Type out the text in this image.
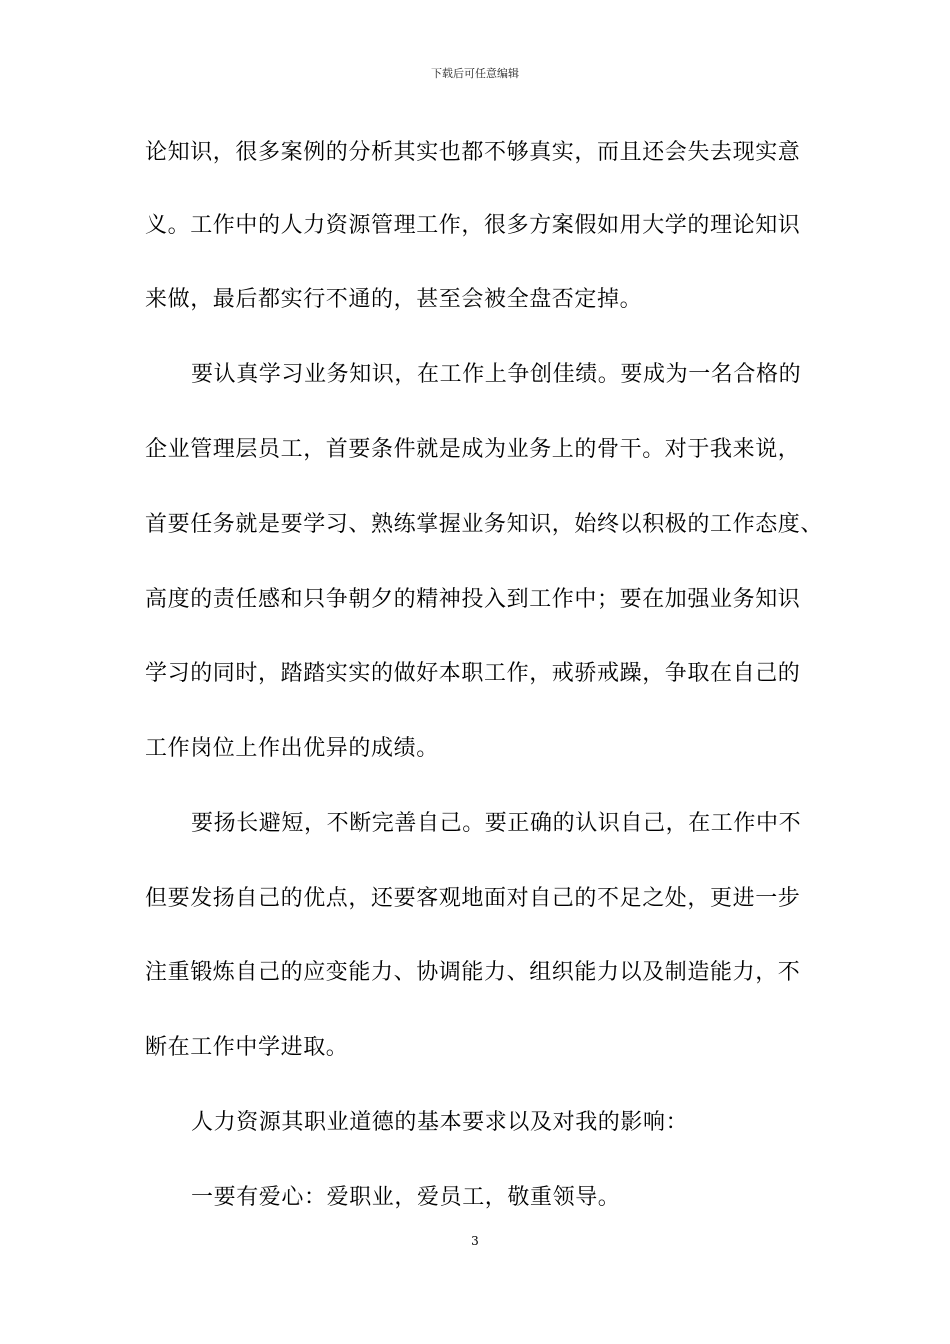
下载后可任意编辑
论知识，很多案例的分析其实也都不够真实，而且还会失去现实意
义。工作中的人力资源管理工作，很多方案假如用大学的理论知识
来做，最后都实行不通的，甚至会被全盘否定掉。
要认真学习业务知识，在工作上争创佳绩。要成为一名合格的
企业管理层员工，首要条件就是成为业务上的骨干。对于我来说，
首要任务就是要学习、熟练掌握业务知识，始终以积极的工作态度、
高度的责任感和只争朝夕的精神投入到工作中；要在加强业务知识
学习的同时，踏踏实实的做好本职工作，戒骄戒躁，争取在自己的
工作岗位上作出优异的成绩。
要扬长避短，不断完善自己。要正确的认识自己，在工作中不
但要发扬自己的优点，还要客观地面对自己的不足之处，更进一步
注重锻炼自己的应变能力、协调能力、组织能力以及制造能力，不
断在工作中学进取。
人力资源其职业道德的基本要求以及对我的影响：
一要有爱心：爱职业，爱员工，敬重领导。
3
